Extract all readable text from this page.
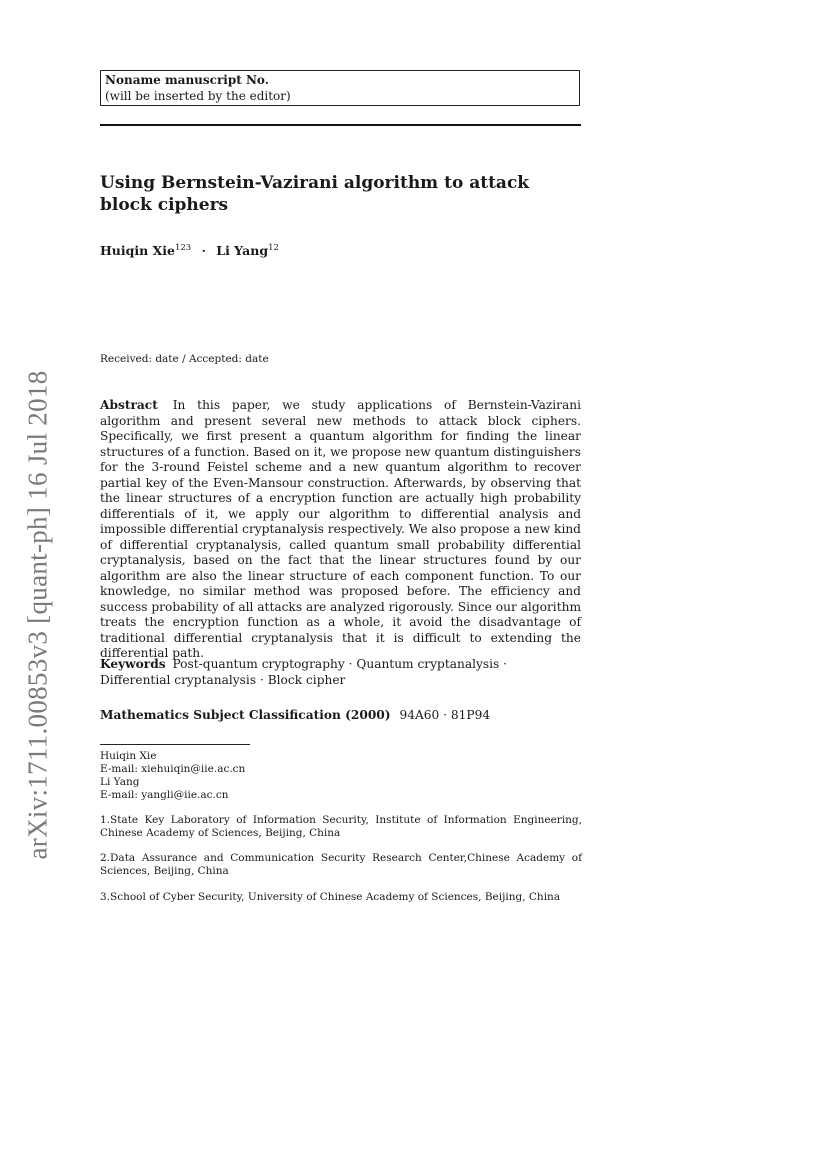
Noname manuscript No.
(will be inserted by the editor)
Using Bernstein-Vazirani algorithm to attack block ciphers
Huiqin Xie$^{123}$ · Li Yang$^{12}$
Received: date / Accepted: date

Abstract In this paper, we study applications of Bernstein-Vazirani algorithm and present several new methods to attack block ciphers. Specifically, we first present a quantum algorithm for finding the linear structures of a function. Based on it, we propose new quantum distinguishers for the 3-round Feistel scheme and a new quantum algorithm to recover partial key of the Even-Mansour construction. Afterwards, by observing that the linear structures of a encryption function are actually high probability differentials of it, we apply our algorithm to differential analysis and impossible differential cryptanalysis respectively. We also propose a new kind of differential cryptanalysis, called quantum small probability differential cryptanalysis, based on the fact that the linear structures found by our algorithm are also the linear structure of each component function. To our knowledge, no similar method was proposed before. The efficiency and success probability of all attacks are analyzed rigorously. Since our algorithm treats the encryption function as a whole, it avoid the disadvantage of traditional differential cryptanalysis that it is difficult to extending the differential path.

Keywords Post-quantum cryptography · Quantum cryptanalysis · Differential cryptanalysis · Block cipher

Mathematics Subject Classification (2000) 94A60 · 81P94
Huiqin Xie
E-mail: xiehuiqin@iie.ac.cn
Li Yang
E-mail: yangli@iie.ac.cn

1.State Key Laboratory of Information Security, Institute of Information Engineering, Chinese Academy of Sciences, Beijing, China

2.Data Assurance and Communication Security Research Center,Chinese Academy of Sciences, Beijing, China

3.School of Cyber Security, University of Chinese Academy of Sciences, Beijing, China

arXiv:1711.00853v3 [quant-ph] 16 Jul 2018
